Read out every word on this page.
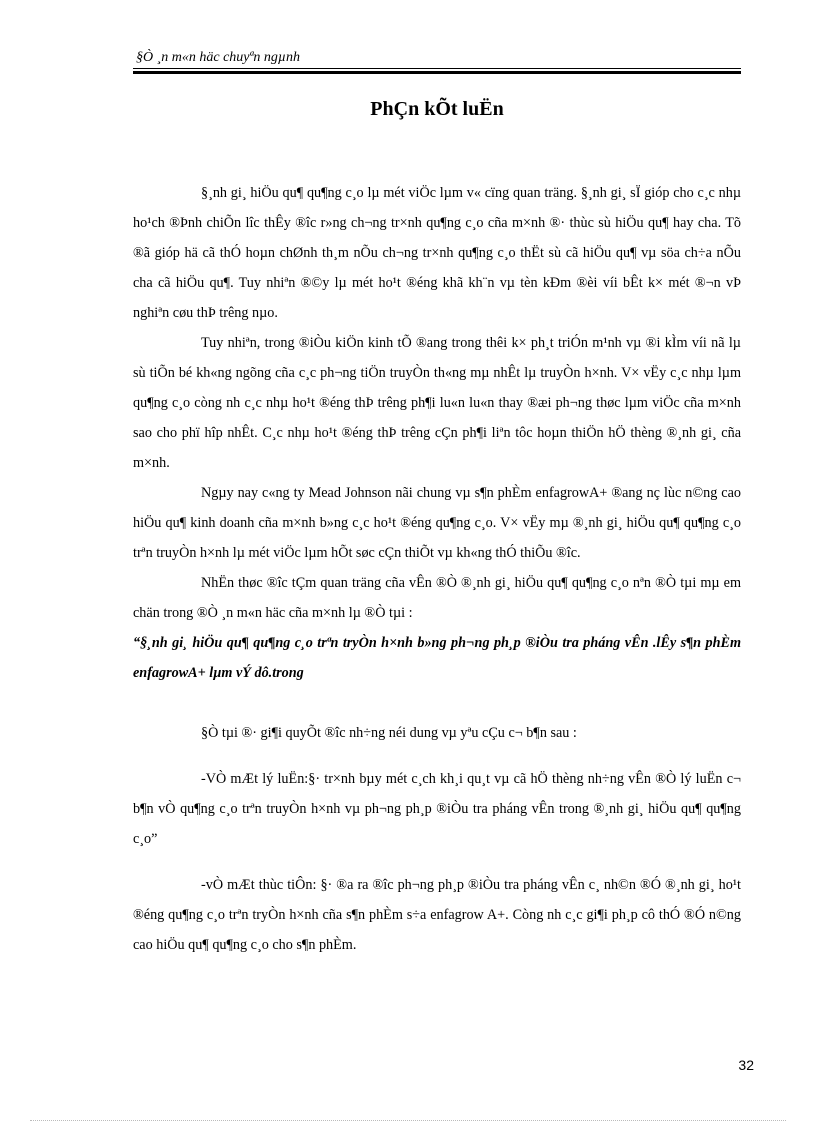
§Ò ¸n m«n häc chuyªn ngµnh
PhÇn kÕt luËn

§¸nh gi¸ hiÖu qu¶ qu¶ng c¸o lµ mét viÖc lµm v« cïng quan träng. §¸nh gi¸ sÏ gióp cho c¸c nhµ ho¹ch ®Þnh chiÕn lîc thÊy ®îc r»ng ch¬ng tr×nh qu¶ng c¸o cña m×nh ®· thùc sù hiÖu qu¶ hay cha. Tõ ®ã gióp hä cã thÓ hoµn chØnh th¸m nÕu ch¬ng tr×nh qu¶ng c¸o thËt sù cã hiÖu qu¶ vµ söa ch÷a nÕu cha cã hiÖu qu¶. Tuy nhiªn ®©y lµ mét ho¹t ®éng khã kh¨n vµ tèn kÐm ®èi víi bÊt k× mét ®¬n vÞ nghiªn cøu thÞ trêng nµo.

Tuy nhiªn, trong ®iÒu kiÖn kinh tÕ ®ang trong thêi k× ph¸t triÓn m¹nh vµ ®i kÌm víi nã lµ sù tiÕn bé kh«ng ngõng cña c¸c ph¬ng tiÖn truyÒn th«ng mµ nhÊt lµ truyÒn h×nh. V× vËy c¸c nhµ lµm qu¶ng c¸o còng nh c¸c nhµ ho¹t ®éng thÞ trêng ph¶i lu«n lu«n thay ®æi ph¬ng thøc lµm viÖc cña m×nh sao cho phï hîp nhÊt. C¸c nhµ ho¹t ®éng thÞ trêng cÇn ph¶i liªn tôc hoµn thiÖn hÖ thèng ®¸nh gi¸ cña m×nh.

Ngµy nay c«ng ty Mead Johnson nãi chung vµ s¶n phÈm enfagrowA+ ®ang nç lùc n©ng cao hiÖu qu¶ kinh doanh cña m×nh b»ng c¸c ho¹t ®éng qu¶ng c¸o. V× vËy mµ ®¸nh gi¸ hiÖu qu¶ qu¶ng c¸o trªn truyÒn h×nh lµ mét viÖc lµm hÕt søc cÇn thiÕt vµ kh«ng thÓ thiÕu ®îc.

NhËn thøc ®îc tÇm quan träng cña vÊn ®Ò ®¸nh gi¸ hiÖu qu¶ qu¶ng c¸o nªn ®Ò tµi mµ em chän trong ®Ò ¸n m«n häc cña m×nh lµ ®Ò tµi :

“§¸nh gi¸ hiÖu qu¶ qu¶ng c¸o trªn tryÒn h×nh b»ng ph¬ng ph¸p ®iÒu tra pháng vÊn .lÊy s¶n phÈm enfagrowA+ lµm vÝ dô.trong

§Ò tµi ®· gi¶i quyÕt ®îc nh÷ng néi dung vµ yªu cÇu c¬ b¶n sau :

-VÒ mÆt lý luËn:§· tr×nh bµy mét c¸ch kh¸i qu¸t vµ cã hÖ thèng nh÷ng vÊn ®Ò lý luËn c¬ b¶n vÒ qu¶ng c¸o trªn truyÒn h×nh vµ ph¬ng ph¸p ®iÒu tra pháng vÊn trong ®¸nh gi¸ hiÖu qu¶ qu¶ng c¸o”

-vÒ mÆt thùc tiÔn: §· ®a ra ®îc ph¬ng ph¸p ®iÒu tra pháng vÊn c¸ nh©n ®Ó ®¸nh gi¸ ho¹t ®éng qu¶ng c¸o trªn tryÒn h×nh cña s¶n phÈm s÷a enfagrow A+. Còng nh c¸c gi¶i ph¸p cô thÓ ®Ó n©ng cao hiÖu qu¶ qu¶ng c¸o cho s¶n phÈm.

32
